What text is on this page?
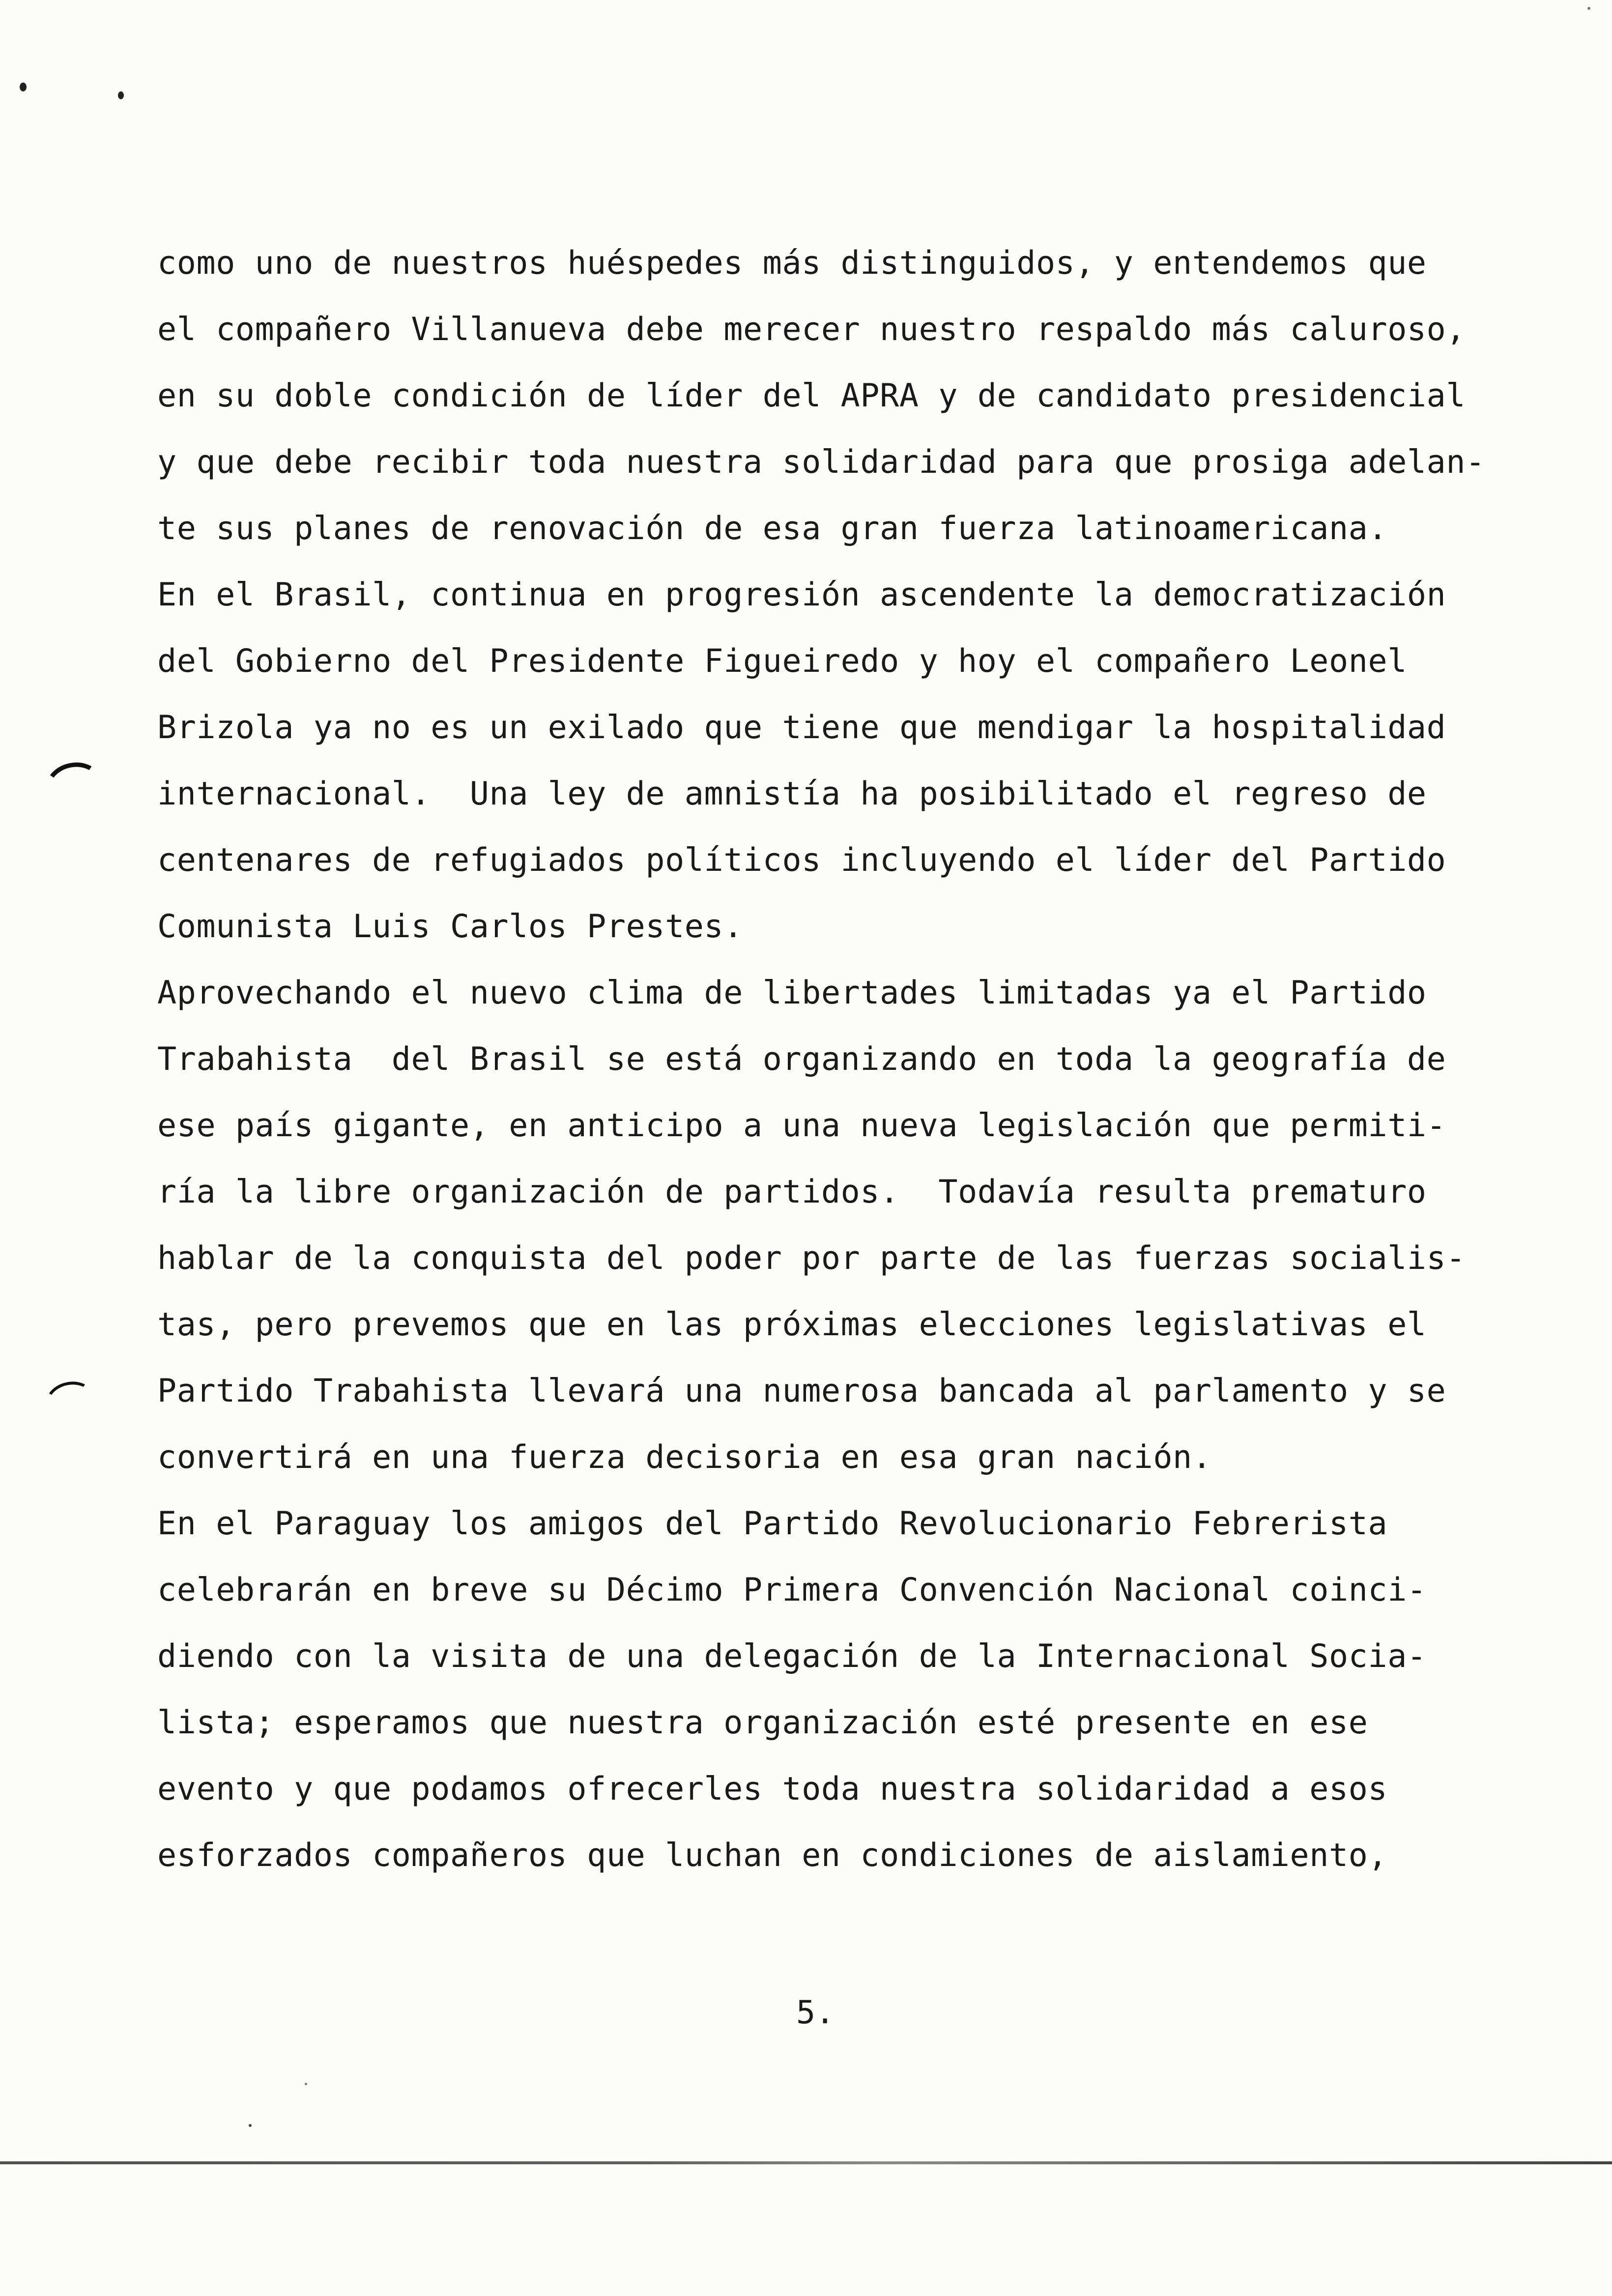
como uno de nuestros huéspedes más distinguidos, y entendemos que
el compañero Villanueva debe merecer nuestro respaldo más caluroso,
en su doble condición de líder del APRA y de candidato presidencial
y que debe recibir toda nuestra solidaridad para que prosiga adelan-
te sus planes de renovación de esa gran fuerza latinoamericana.
En el Brasil, continua en progresión ascendente la democratización
del Gobierno del Presidente Figueiredo y hoy el compañero Leonel
Brizola ya no es un exilado que tiene que mendigar la hospitalidad
internacional.  Una ley de amnistía ha posibilitado el regreso de
centenares de refugiados políticos incluyendo el líder del Partido
Comunista Luis Carlos Prestes.
Aprovechando el nuevo clima de libertades limitadas ya el Partido
Trabahista  del Brasil se está organizando en toda la geografía de
ese país gigante, en anticipo a una nueva legislación que permiti-
ría la libre organización de partidos.  Todavía resulta prematuro
hablar de la conquista del poder por parte de las fuerzas socialis-
tas, pero prevemos que en las próximas elecciones legislativas el
Partido Trabahista llevará una numerosa bancada al parlamento y se
convertirá en una fuerza decisoria en esa gran nación.
En el Paraguay los amigos del Partido Revolucionario Febrerista
celebrarán en breve su Décimo Primera Convención Nacional coinci-
diendo con la visita de una delegación de la Internacional Socia-
lista; esperamos que nuestra organización esté presente en ese
evento y que podamos ofrecerles toda nuestra solidaridad a esos
esforzados compañeros que luchan en condiciones de aislamiento,
5.
